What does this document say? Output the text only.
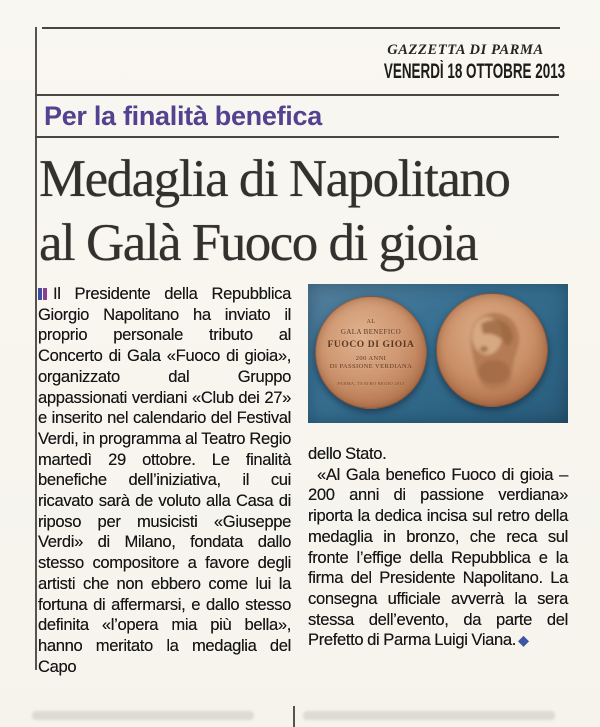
GAZZETTA DI PARMA
VENERDÌ 18 OTTOBRE 2013
Per la finalità benefica
Medaglia di Napolitano
al Galà Fuoco di gioia

Il Presidente della Repubblica Giorgio Napolitano ha inviato il proprio personale tributo al Concerto di Gala «Fuoco di gioia», organizzato dal Gruppo appassionati verdiani «Club dei 27» e inserito nel calendario del Festival Verdi, in programma al Teatro Regio martedì 29 ottobre. Le finalità benefiche dell’iniziativa, il cui ricavato sarà de voluto alla Casa di riposo per musicisti «Giuseppe Verdi» di Milano, fondata dallo stesso compositore a favore degli artisti che non ebbero come lui la fortuna di affermarsi, e dallo stesso definita «l’opera mia più bella», hanno meritato la medaglia del Capo

AL
GALA BENEFICO
FUOCO DI GIOIA
200 ANNI
DI PASSIONE VERDIANA
PARMA, TEATRO REGIO 2013

dello Stato.

«Al Gala benefico Fuoco di gioia – 200 anni di passione verdiana» riporta la dedica incisa sul retro della medaglia in bronzo, che reca sul fronte l’effige della Repubblica e la firma del Presidente Napolitano. La consegna ufficiale avverrà la sera stessa dell’evento, da parte del Prefetto di Parma Luigi Viana. ◆
